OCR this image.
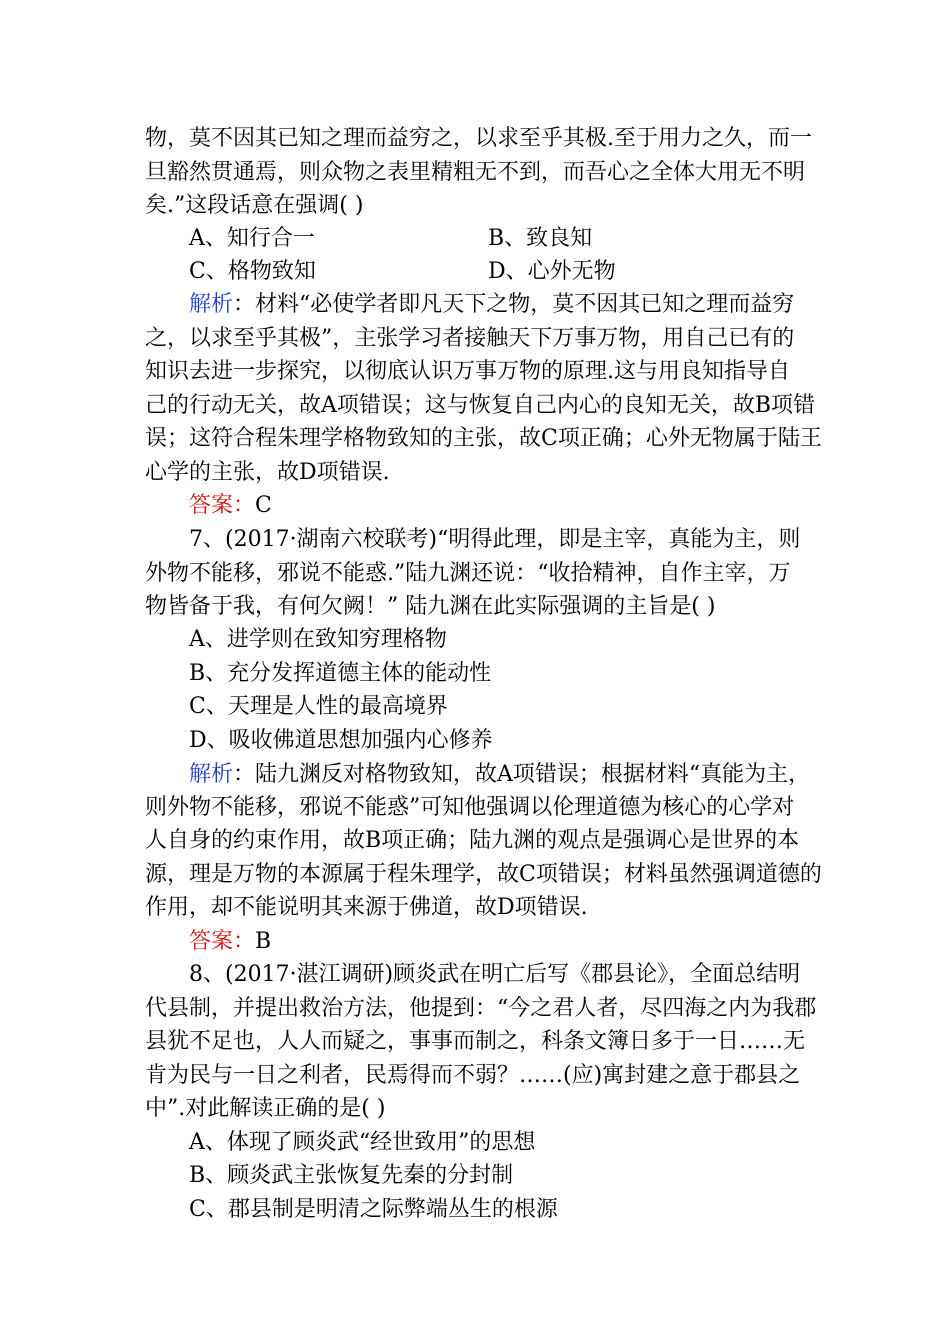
物，莫不因其已知之理而益穷之，以求至乎其极.至于用力之久，而一
旦豁然贯通焉，则众物之表里精粗无不到，而吾心之全体大用无不明
矣.”这段话意在强调( )
A、知行合一	B、致良知
C、格物致知	D、心外无物
解析：材料“必使学者即凡天下之物，莫不因其已知之理而益穷
之，以求至乎其极”，主张学习者接触天下万事万物，用自己已有的
知识去进一步探究，以彻底认识万事万物的原理.这与用良知指导自
己的行动无关，故A项错误；这与恢复自己内心的良知无关，故B项错
误；这符合程朱理学格物致知的主张，故C项正确；心外无物属于陆王
心学的主张，故D项错误.
答案：C
7、(2017·湖南六校联考)“明得此理，即是主宰，真能为主，则
外物不能移，邪说不能惑.”陆九渊还说：“收拾精神，自作主宰，万
物皆备于我，有何欠阙！” 陆九渊在此实际强调的主旨是( )
A、进学则在致知穷理格物
B、充分发挥道德主体的能动性
C、天理是人性的最高境界
D、吸收佛道思想加强内心修养
解析：陆九渊反对格物致知，故A项错误；根据材料“真能为主，
则外物不能移，邪说不能惑”可知他强调以伦理道德为核心的心学对
人自身的约束作用，故B项正确；陆九渊的观点是强调心是世界的本
源，理是万物的本源属于程朱理学，故C项错误；材料虽然强调道德的
作用，却不能说明其来源于佛道，故D项错误.
答案：B
8、(2017·湛江调研)顾炎武在明亡后写《郡县论》，全面总结明
代县制，并提出救治方法，他提到：“今之君人者，尽四海之内为我郡
县犹不足也，人人而疑之，事事而制之，科条文簿日多于一日……无
肯为民与一日之利者，民焉得而不弱？……(应)寓封建之意于郡县之
中”.对此解读正确的是( )
A、体现了顾炎武“经世致用”的思想
B、顾炎武主张恢复先秦的分封制
C、郡县制是明清之际弊端丛生的根源
